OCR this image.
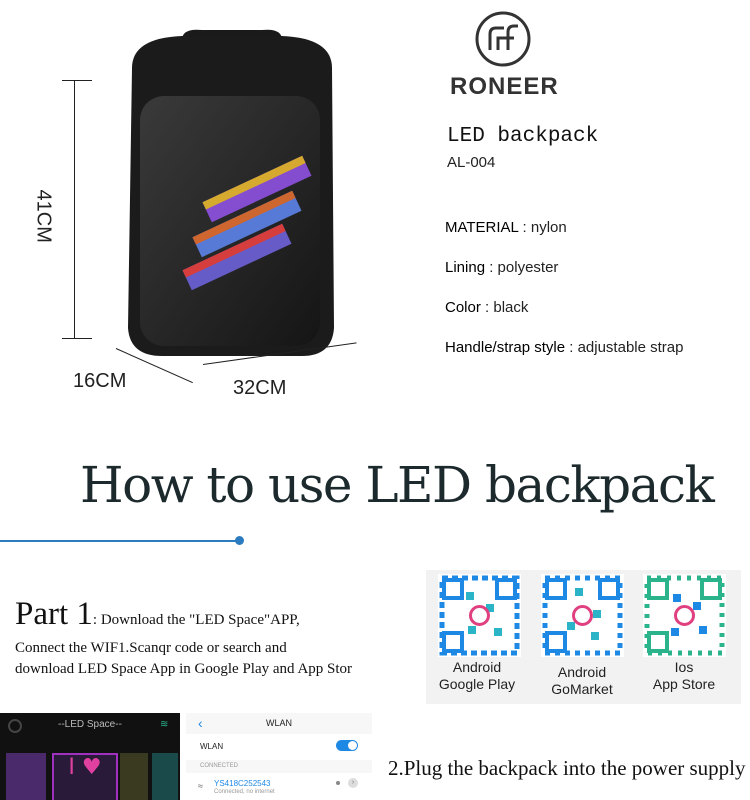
41CM
16CM	32CM
RONEER
LED backpack
AL-004
MATERIAL : nylon
Lining : polyester
Color : black
Handle/strap style : adjustable strap
How to use LED backpack
Part 1: Download the "LED Space"APP,
Connect the WIF1.Scanqr code or search and
download LED Space App in Google Play and App Stor	Android
Google Play
Android
GoMarket
Ios
App Store
--LED Space--	≋
I ♥
‹	WLAN
WLAN
CONNECTED
≈ YS418C252543
Connected, no internet
›
2.Plug the backpack into the power supply
